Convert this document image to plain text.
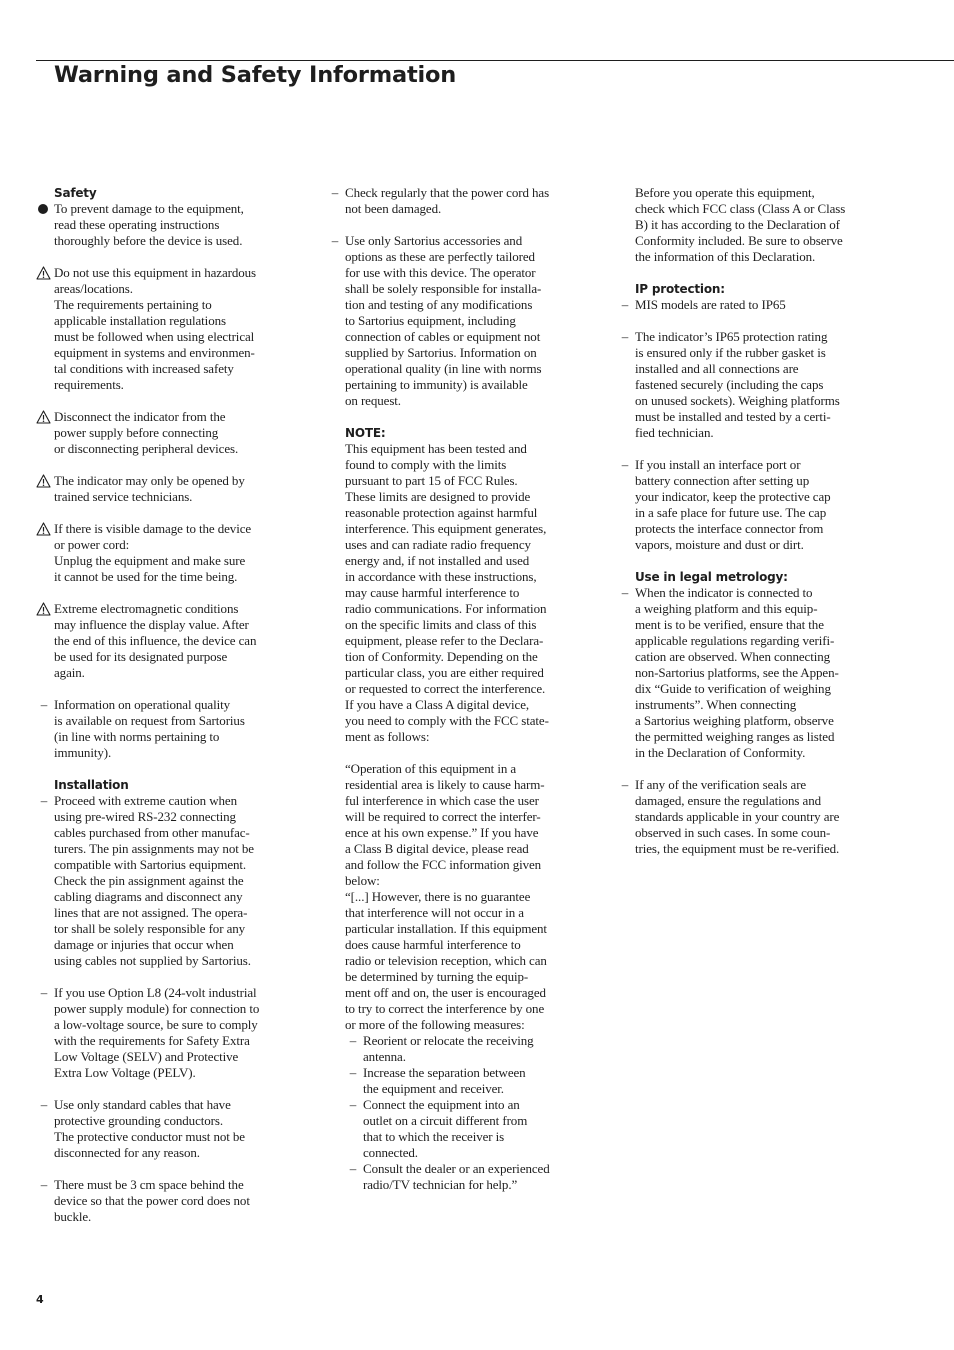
Warning and Safety Information
Safety
To prevent damage to the equipment,
read these operating instructions
thoroughly before the device is used.
Do not use this equipment in hazardous
areas/locations.
The requirements pertaining to
applicable installation regulations
must be followed when using electrical
equipment in systems and environmen-
tal conditions with increased safety
requirements.
Disconnect the indicator from the
power supply before connecting
or disconnecting peripheral devices.
The indicator may only be opened by
trained service technicians.
If there is visible damage to the device
or power cord:
Unplug the equipment and make sure
it cannot be used for the time being.
Extreme electromagnetic conditions
may influence the display value. After
the end of this influence, the device can
be used for its designated purpose
again.
– Information on operational quality
is available on request from Sartorius
(in line with norms pertaining to
immunity).
Installation
– Proceed with extreme caution when
using pre-wired RS-232 connecting
cables purchased from other manufac-
turers. The pin assignments may not be
compatible with Sartorius equipment.
Check the pin assignment against the
cabling diagrams and disconnect any
lines that are not assigned. The opera-
tor shall be solely responsible for any
damage or injuries that occur when
using cables not supplied by Sartorius.
– If you use Option L8 (24-volt industrial
power supply module) for connection to
a low-voltage source, be sure to comply
with the requirements for Safety Extra
Low Voltage (SELV) and Protective
Extra Low Voltage (PELV).
– Use only standard cables that have
protective grounding conductors.
The protective conductor must not be
disconnected for any reason.
– There must be 3 cm space behind the
device so that the power cord does not
buckle.
– Check regularly that the power cord has
not been damaged.
– Use only Sartorius accessories and
options as these are perfectly tailored
for use with this device. The operator
shall be solely responsible for installa-
tion and testing of any modifications
to Sartorius equipment, including
connection of cables or equipment not
supplied by Sartorius. Information on
operational quality (in line with norms
pertaining to immunity) is available
on request.
NOTE:
This equipment has been tested and
found to comply with the limits
pursuant to part 15 of FCC Rules.
These limits are designed to provide
reasonable protection against harmful
interference. This equipment generates,
uses and can radiate radio frequency
energy and, if not installed and used
in accordance with these instructions,
may cause harmful interference to
radio communications. For information
on the specific limits and class of this
equipment, please refer to the Declara-
tion of Conformity. Depending on the
particular class, you are either required
or requested to correct the interference.
If you have a Class A digital device,
you need to comply with the FCC state-
ment as follows:
“Operation of this equipment in a
residential area is likely to cause harm-
ful interference in which case the user
will be required to correct the interfer-
ence at his own expense.” If you have
a Class B digital device, please read
and follow the FCC information given
below:
“[...] However, there is no guarantee
that interference will not occur in a
particular installation. If this equipment
does cause harmful interference to
radio or television reception, which can
be determined by turning the equip-
ment off and on, the user is encouraged
to try to correct the interference by one
or more of the following measures:
– Reorient or relocate the receiving
antenna.
– Increase the separation between
the equipment and receiver.
– Connect the equipment into an
outlet on a circuit different from
that to which the receiver is
connected.
– Consult the dealer or an experienced
radio/TV technician for help.”
Before you operate this equipment,
check which FCC class (Class A or Class
B) it has according to the Declaration of
Conformity included. Be sure to observe
the information of this Declaration.
IP protection:
– MIS models are rated to IP65
– The indicator’s IP65 protection rating
is ensured only if the rubber gasket is
installed and all connections are
fastened securely (including the caps
on unused sockets). Weighing platforms
must be installed and tested by a certi-
fied technician.
– If you install an interface port or
battery connection after setting up
your indicator, keep the protective cap
in a safe place for future use. The cap
protects the interface connector from
vapors, moisture and dust or dirt.
Use in legal metrology:
– When the indicator is connected to
a weighing platform and this equip-
ment is to be verified, ensure that the
applicable regulations regarding verifi-
cation are observed. When connecting
non-Sartorius platforms, see the Appen-
dix “Guide to verification of weighing
instruments”. When connecting
a Sartorius weighing platform, observe
the permitted weighing ranges as listed
in the Declaration of Conformity.
– If any of the verification seals are
damaged, ensure the regulations and
standards applicable in your country are
observed in such cases. In some coun-
tries, the equipment must be re-verified.
4
